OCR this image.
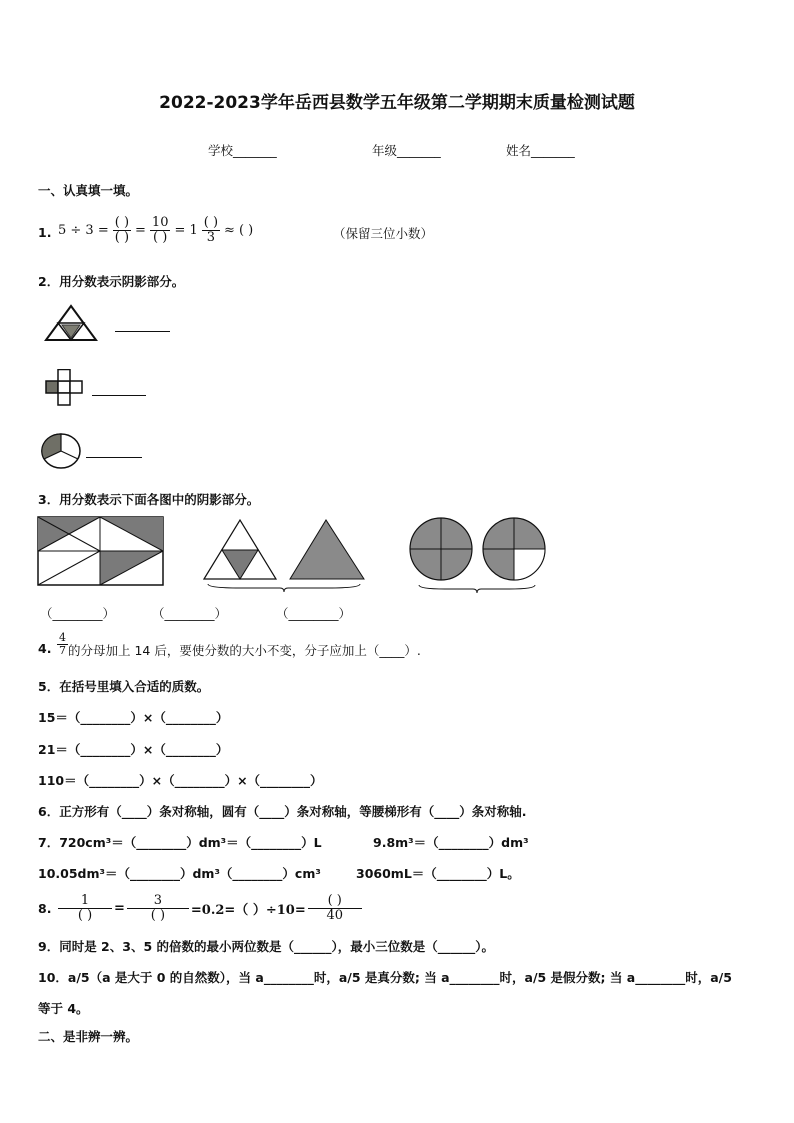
2022-2023学年岳西县数学五年级第二学期期末质量检测试题
学校_______	年级_______	姓名_______
一、认真填一填。
1. $5 \div 3 = \frac{( )}{( )} = \frac{10}{( )} = 1 \frac{( )}{3}$ ≈ ( )	（保留三位小数）
2．用分数表示阴影部分。
3．用分数表示下面各图中的阴影部分。
（________）	（________）	（________）
4. $\frac{4}{7}$ 的分母加上 14 后，要使分数的大小不变，分子应加上（____）.
5．在括号里填入合适的质数。
15＝（________）×（________）
21＝（________）×（________）
110＝（________）×（________）×（________）
6．正方形有（____）条对称轴，圆有（____）条对称轴，等腰梯形有（____）条对称轴.
7．720cm³＝（________）dm³＝（________）L	9.8m³＝（________）dm³
10.05dm³＝（________）dm³（________）cm³	3060mL＝（________）L。
8. $\frac{1}{( )} = \frac{3}{( )} =0.2=$（ ）$\div 10= \frac{( )}{40}$
9．同时是 2、3、5 的倍数的最小两位数是（______），最小三位数是（______）。
10．a/5（a 是大于 0 的自然数），当 a________时，a/5 是真分数; 当 a________时，a/5 是假分数; 当 a________时，a/5
等于 4。
二、是非辨一辨。
